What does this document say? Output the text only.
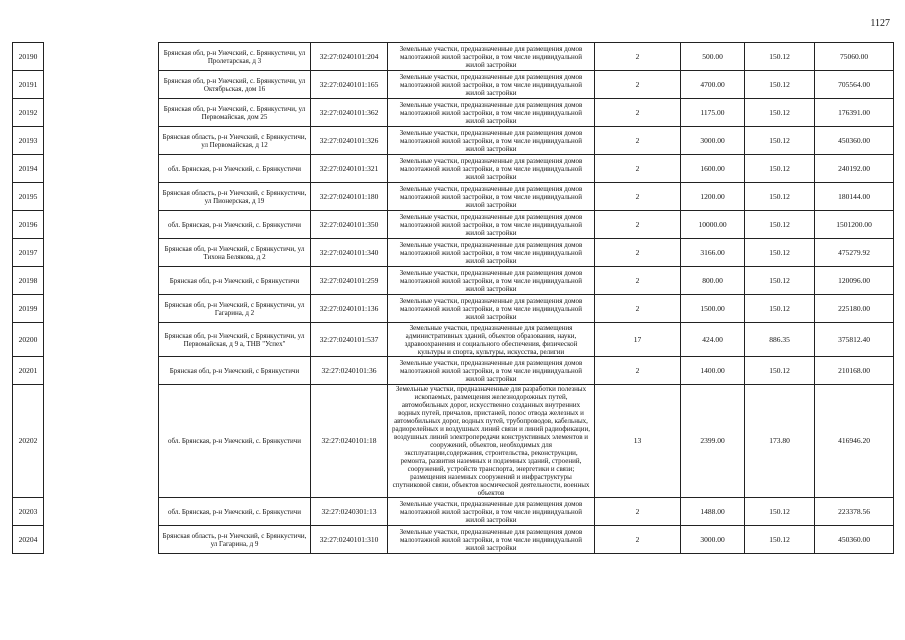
1127
20190		Брянская обл, р-н Унечский, с. Брянкустичи, ул Пролетарская, д 3	32:27:0240101:204	Земельные участки, предназначенные для размещения домов малоэтажной жилой застройки, в том числе индивидуальной жилой застройки	2	500.00	150.12	75060.00
20191		Брянская обл, р-н Унечский, с. Брянкустичи, ул Октябрьская, дом 16	32:27:0240101:165	Земельные участки, предназначенные для размещения домов малоэтажной жилой застройки, в том числе индивидуальной жилой застройки	2	4700.00	150.12	705564.00
20192		Брянская обл, р-н Унечский, с. Брянкустичи, ул Первомайская, дом 25	32:27:0240101:362	Земельные участки, предназначенные для размещения домов малоэтажной жилой застройки, в том числе индивидуальной жилой застройки	2	1175.00	150.12	176391.00
20193		Брянская область, р-н Унечский, с Брянкустичи, ул Первомайская, д 12	32:27:0240101:326	Земельные участки, предназначенные для размещения домов малоэтажной жилой застройки, в том числе индивидуальной жилой застройки	2	3000.00	150.12	450360.00
20194		обл. Брянская, р-н Унечский, с. Брянкустичи	32:27:0240101:321	Земельные участки, предназначенные для размещения домов малоэтажной жилой застройки, в том числе индивидуальной жилой застройки	2	1600.00	150.12	240192.00
20195		Брянская область, р-н Унечский, с Брянкустичи, ул Пионерская, д 19	32:27:0240101:180	Земельные участки, предназначенные для размещения домов малоэтажной жилой застройки, в том числе индивидуальной жилой застройки	2	1200.00	150.12	180144.00
20196		обл. Брянская, р-н Унечский, с. Брянкустичи	32:27:0240101:350	Земельные участки, предназначенные для размещения домов малоэтажной жилой застройки, в том числе индивидуальной жилой застройки	2	10000.00	150.12	1501200.00
20197		Брянская обл, р-н Унечский, с Брянкустичи, ул Тихона Белякова, д 2	32:27:0240101:340	Земельные участки, предназначенные для размещения домов малоэтажной жилой застройки, в том числе индивидуальной жилой застройки	2	3166.00	150.12	475279.92
20198		Брянская обл, р-н Унечский, с Брянкустичи	32:27:0240101:259	Земельные участки, предназначенные для размещения домов малоэтажной жилой застройки, в том числе индивидуальной жилой застройки	2	800.00	150.12	120096.00
20199		Брянская обл, р-н Унечский, с Брянкустичи, ул Гагарина, д 2	32:27:0240101:136	Земельные участки, предназначенные для размещения домов малоэтажной жилой застройки, в том числе индивидуальной жилой застройки	2	1500.00	150.12	225180.00
20200		Брянская обл, р-н Унечский, с Брянкустичи, ул Первомайская, д 9 а, ТНВ "Успех"	32:27:0240101:537	Земельные участки, предназначенные для размещения административных зданий, объектов образования, науки, здравоохранения и социального обеспечения, физической культуры и спорта, культуры, искусства, религии	17	424.00	886.35	375812.40
20201		Брянская обл, р-н Унечский, с Брянкустичи	32:27:0240101:36	Земельные участки, предназначенные для размещения домов малоэтажной жилой застройки, в том числе индивидуальной жилой застройки	2	1400.00	150.12	210168.00
20202		обл. Брянская, р-н Унечский, с. Брянкустичи	32:27:0240101:18	Земельные участки, предназначенные для разработки полезных ископаемых, размещения железнодорожных путей, автомобильных дорог, искусственно созданных внутренних водных путей, причалов, пристаней, полос отвода железных и автомобильных дорог, водных путей, трубопроводов, кабельных, радиорелейных и воздушных линий связи и линий радиофикации, воздушных линий электропередачи конструктивных элементов и сооружений, объектов, необходимых для эксплуатации,содержания, строительства, реконструкции, ремонта, развития наземных и подземных зданий, строений, сооружений, устройств транспорта, энергетики и связи; размещения наземных сооружений и инфраструктуры спутниковой связи, объектов космической деятельности, военных объектов	13	2399.00	173.80	416946.20
20203		обл. Брянская, р-н Унечский, с. Брянкустичи	32:27:0240301:13	Земельные участки, предназначенные для размещения домов малоэтажной жилой застройки, в том числе индивидуальной жилой застройки	2	1488.00	150.12	223378.56
20204		Брянская область, р-н Унечский, с Брянкустичи, ул Гагарина, д 9	32:27:0240101:310	Земельные участки, предназначенные для размещения домов малоэтажной жилой застройки, в том числе индивидуальной жилой застройки	2	3000.00	150.12	450360.00
